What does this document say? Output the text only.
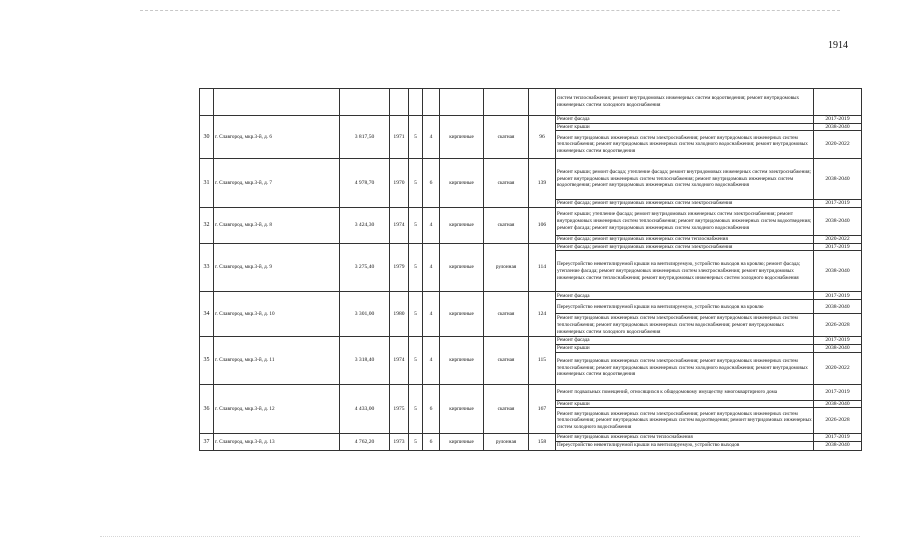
1914
									систем теплоснабжения; ремонт внутридомовых инженерных систем водоотведения; ремонт внутридомовых инженерных систем холодного водоснабжения	
30	г. Славгород, мкр.3-й, д. 6	3 817,50	1971	5	4	кирпичные	скатная	96	Ремонт фасада	2017-2019
									Ремонт крыши	2038-2040
									Ремонт внутридомовых инженерных систем электроснабжения; ремонт внутридомовых инженерных систем теплоснабжения; ремонт внутридомовых инженерных систем холодного водоснабжения; ремонт внутридомовых инженерных систем водоотведения	2020-2022
31	г. Славгород, мкр.3-й, д. 7	4 978,70	1970	5	6	кирпичные	скатная	139	Ремонт крыши; ремонт фасада; утепление фасада; ремонт внутридомовых инженерных систем электроснабжения; ремонт внутридомовых инженерных систем теплоснабжения; ремонт внутридомовых инженерных систем водоотведения; ремонт внутридомовых инженерных систем холодного водоснабжения	2038-2040
									Ремонт фасада; ремонт внутридомовых инженерных систем электроснабжения	2017-2019
32	г. Славгород, мкр.3-й, д. 8	3 424,30	1974	5	4	кирпичные	скатная	106	Ремонт крыши; утепление фасада; ремонт внутридомовых инженерных систем электроснабжения; ремонт внутридомовых инженерных систем теплоснабжения; ремонт внутридомовых инженерных систем водоотведения; ремонт фасада; ремонт внутридомовых инженерных систем холодного водоснабжения	2038-2040
									Ремонт фасада; ремонт внутридомовых инженерных систем теплоснабжения	2020-2022
33	г. Славгород, мкр.3-й, д. 9	3 275,40	1979	5	4	кирпичные	рулонная	114	Ремонт фасада; ремонт внутридомовых инженерных систем электроснабжения	2017-2019
									Переустройство невентилируемой крыши на вентилируемую, устройство выходов на кровлю; ремонт фасада; утепление фасада; ремонт внутридомовых инженерных систем электроснабжения; ремонт внутридомовых инженерных систем теплоснабжения; ремонт внутридомовых инженерных систем холодного водоснабжения	2038-2040
34	г. Славгород, мкр.3-й, д. 10	3 301,00	1980	5	4	кирпичные	скатная	124	Ремонт фасада	2017-2019
									Переустройство невентилируемой крыши на вентилируемую, устройство выходов на кровлю	2038-2040
									Ремонт внутридомовых инженерных систем электроснабжения; ремонт внутридомовых инженерных систем теплоснабжения; ремонт внутридомовых инженерных систем водоснабжения; ремонт внутридомовых инженерных систем холодного водоснабжения	2026-2028
35	г. Славгород, мкр.3-й, д. 11	3 318,40	1974	5	4	кирпичные	скатная	115	Ремонт фасада	2017-2019
									Ремонт крыши	2038-2040
									Ремонт внутридомовых инженерных систем электроснабжения; ремонт внутридомовых инженерных систем теплоснабжения; ремонт внутридомовых инженерных систем холодного водоснабжения; ремонт внутридомовых инженерных систем водоотведения	2020-2022
36	г. Славгород, мкр.3-й, д. 12	4 433,00	1975	5	6	кирпичные	скатная	167	Ремонт подвальных помещений, относящихся к общедомовому имуществу многоквартирного дома	2017-2019
									Ремонт крыши	2038-2040
									Ремонт внутридомовых инженерных систем электроснабжения; ремонт внутридомовых инженерных систем теплоснабжения; ремонт внутридомовых инженерных систем водоотведения; ремонт внутридомовых инженерных систем холодного водоснабжения	2026-2028
37	г. Славгород, мкр.3-й, д. 13	4 762,20	1973	5	6	кирпичные	рулонная	158	Ремонт внутридомовых инженерных систем теплоснабжения	2017-2019
									Переустройство невентилируемой крыши на вентилируемую, устройство выходов	2038-2040
